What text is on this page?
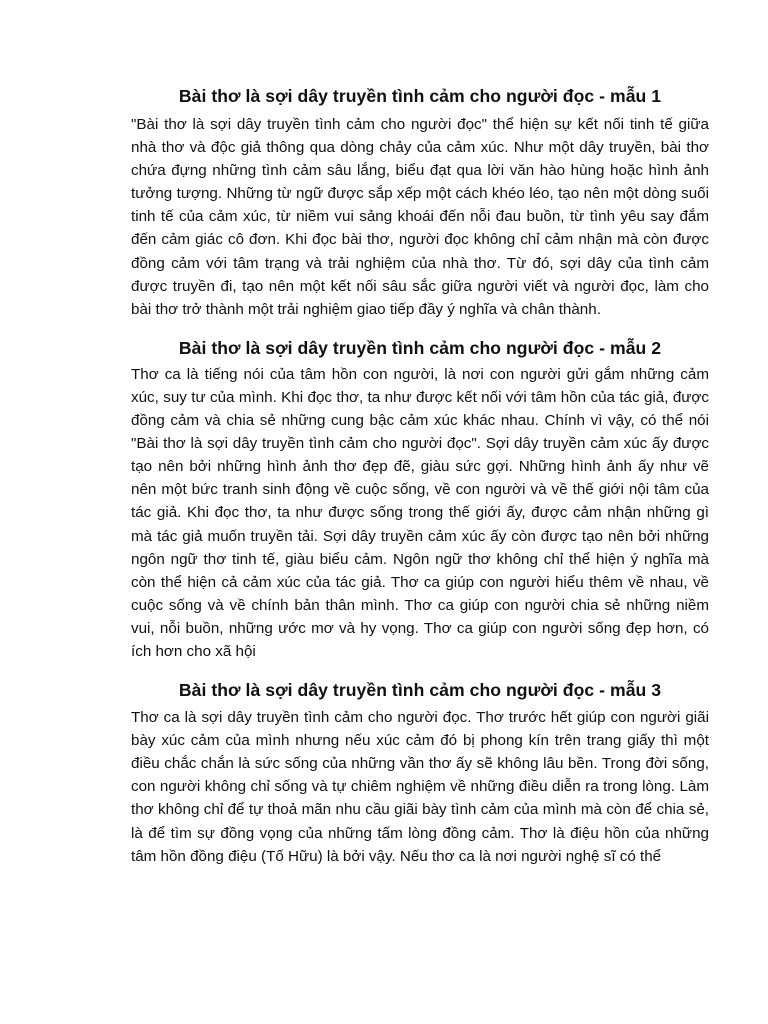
Bài thơ là sợi dây truyền tình cảm cho người đọc - mẫu 1

"Bài thơ là sợi dây truyền tình cảm cho người đọc" thể hiện sự kết nối tinh tế giữa nhà thơ và độc giả thông qua dòng chảy của cảm xúc. Như một dây truyền, bài thơ chứa đựng những tình cảm sâu lắng, biểu đạt qua lời văn hào hùng hoặc hình ảnh tưởng tượng. Những từ ngữ được sắp xếp một cách khéo léo, tạo nên một dòng suối tinh tế của cảm xúc, từ niềm vui sảng khoái đến nỗi đau buồn, từ tình yêu say đắm đến cảm giác cô đơn. Khi đọc bài thơ, người đọc không chỉ cảm nhận mà còn được đồng cảm với tâm trạng và trải nghiệm của nhà thơ. Từ đó, sợi dây của tình cảm được truyền đi, tạo nên một kết nối sâu sắc giữa người viết và người đọc, làm cho bài thơ trở thành một trải nghiệm giao tiếp đầy ý nghĩa và chân thành.

Bài thơ là sợi dây truyền tình cảm cho người đọc - mẫu 2

Thơ ca là tiếng nói của tâm hồn con người, là nơi con người gửi gắm những cảm xúc, suy tư của mình. Khi đọc thơ, ta như được kết nối với tâm hồn của tác giả, được đồng cảm và chia sẻ những cung bậc cảm xúc khác nhau. Chính vì vậy, có thể nói "Bài thơ là sợi dây truyền tình cảm cho người đọc". Sợi dây truyền cảm xúc ấy được tạo nên bởi những hình ảnh thơ đẹp đẽ, giàu sức gợi. Những hình ảnh ấy như vẽ nên một bức tranh sinh động về cuộc sống, về con người và về thế giới nội tâm của tác giả. Khi đọc thơ, ta như được sống trong thế giới ấy, được cảm nhận những gì mà tác giả muốn truyền tải. Sợi dây truyền cảm xúc ấy còn được tạo nên bởi những ngôn ngữ thơ tinh tế, giàu biểu cảm. Ngôn ngữ thơ không chỉ thể hiện ý nghĩa mà còn thể hiện cả cảm xúc của tác giả. Thơ ca giúp con người hiểu thêm về nhau, về cuộc sống và về chính bản thân mình. Thơ ca giúp con người chia sẻ những niềm vui, nỗi buồn, những ước mơ và hy vọng. Thơ ca giúp con người sống đẹp hơn, có ích hơn cho xã hội

Bài thơ là sợi dây truyền tình cảm cho người đọc - mẫu 3

Thơ ca là sợi dây truyền tình cảm cho người đọc. Thơ trước hết giúp con người giãi bày xúc cảm của mình nhưng nếu xúc cảm đó bị phong kín trên trang giấy thì một điều chắc chắn là sức sống của những vần thơ ấy sẽ không lâu bền. Trong đời sống, con người không chỉ sống và tự chiêm nghiệm về những điều diễn ra trong lòng. Làm thơ không chỉ để tự thoả mãn nhu cầu giãi bày tình cảm của mình mà còn để chia sẻ, là để tìm sự đồng vọng của những tấm lòng đồng cảm. Thơ là điệu hồn của những tâm hồn đồng điệu (Tố Hữu) là bởi vậy. Nếu thơ ca là nơi người nghệ sĩ có thể
